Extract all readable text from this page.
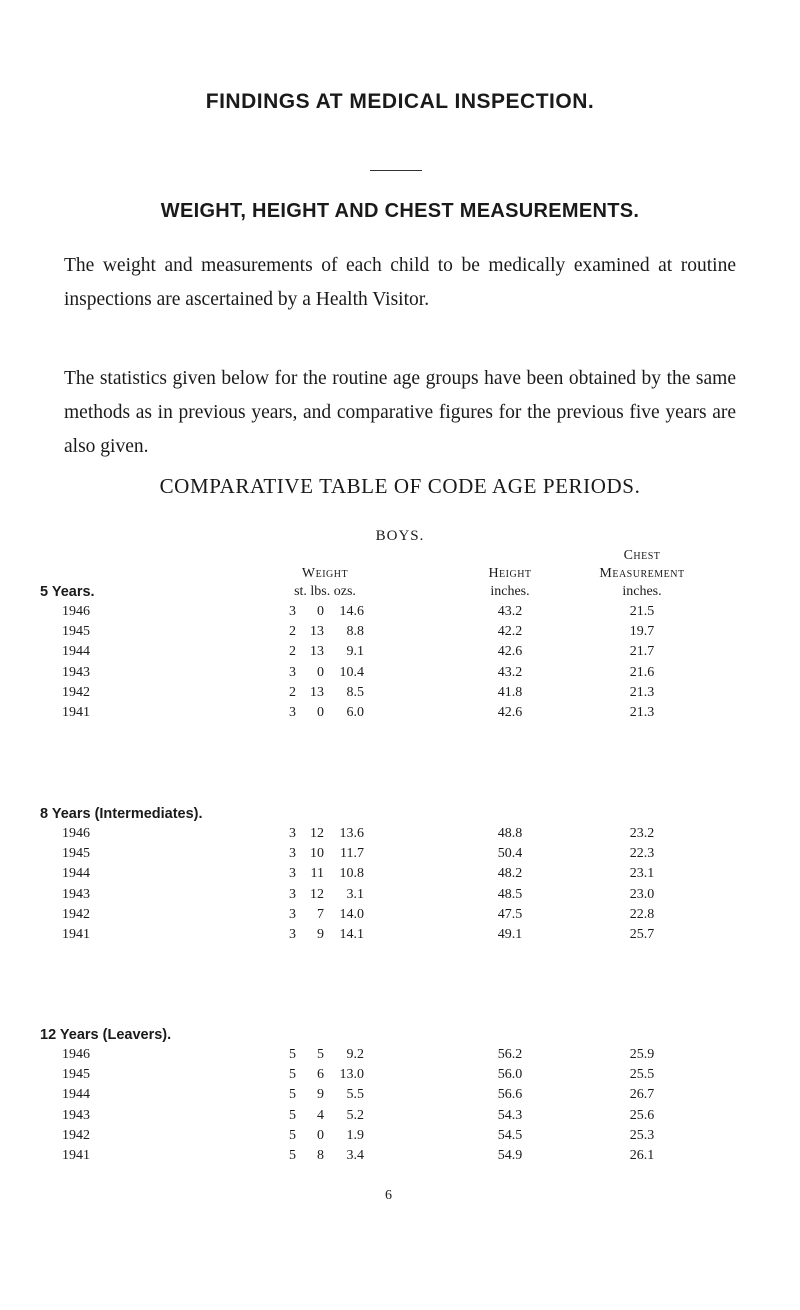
FINDINGS AT MEDICAL INSPECTION.
WEIGHT, HEIGHT AND CHEST MEASUREMENTS.

The weight and measurements of each child to be medically examined at routine inspections are ascertained by a Health Visitor.

The statistics given below for the routine age groups have been obtained by the same methods as in previous years, and comparative figures for the previous five years are also given.

COMPARATIVE TABLE OF CODE AGE PERIODS.
BOYS.
Chest
Weight	Height	Measurement
st. lbs. ozs.	inches.	inches.
5 Years.
1946	3	0	14.6	43.2	21.5
1945	2	13	8.8	42.2	19.7
1944	2	13	9.1	42.6	21.7
1943	3	0	10.4	43.2	21.6
1942	2	13	8.5	41.8	21.3
1941	3	0	6.0	42.6	21.3
8 Years (Intermediates).
1946	3	12	13.6	48.8	23.2
1945	3	10	11.7	50.4	22.3
1944	3	11	10.8	48.2	23.1
1943	3	12	3.1	48.5	23.0
1942	3	7	14.0	47.5	22.8
1941	3	9	14.1	49.1	25.7
12 Years (Leavers).
1946	5	5	9.2	56.2	25.9
1945	5	6	13.0	56.0	25.5
1944	5	9	5.5	56.6	26.7
1943	5	4	5.2	54.3	25.6
1942	5	0	1.9	54.5	25.3
1941	5	8	3.4	54.9	26.1
6
